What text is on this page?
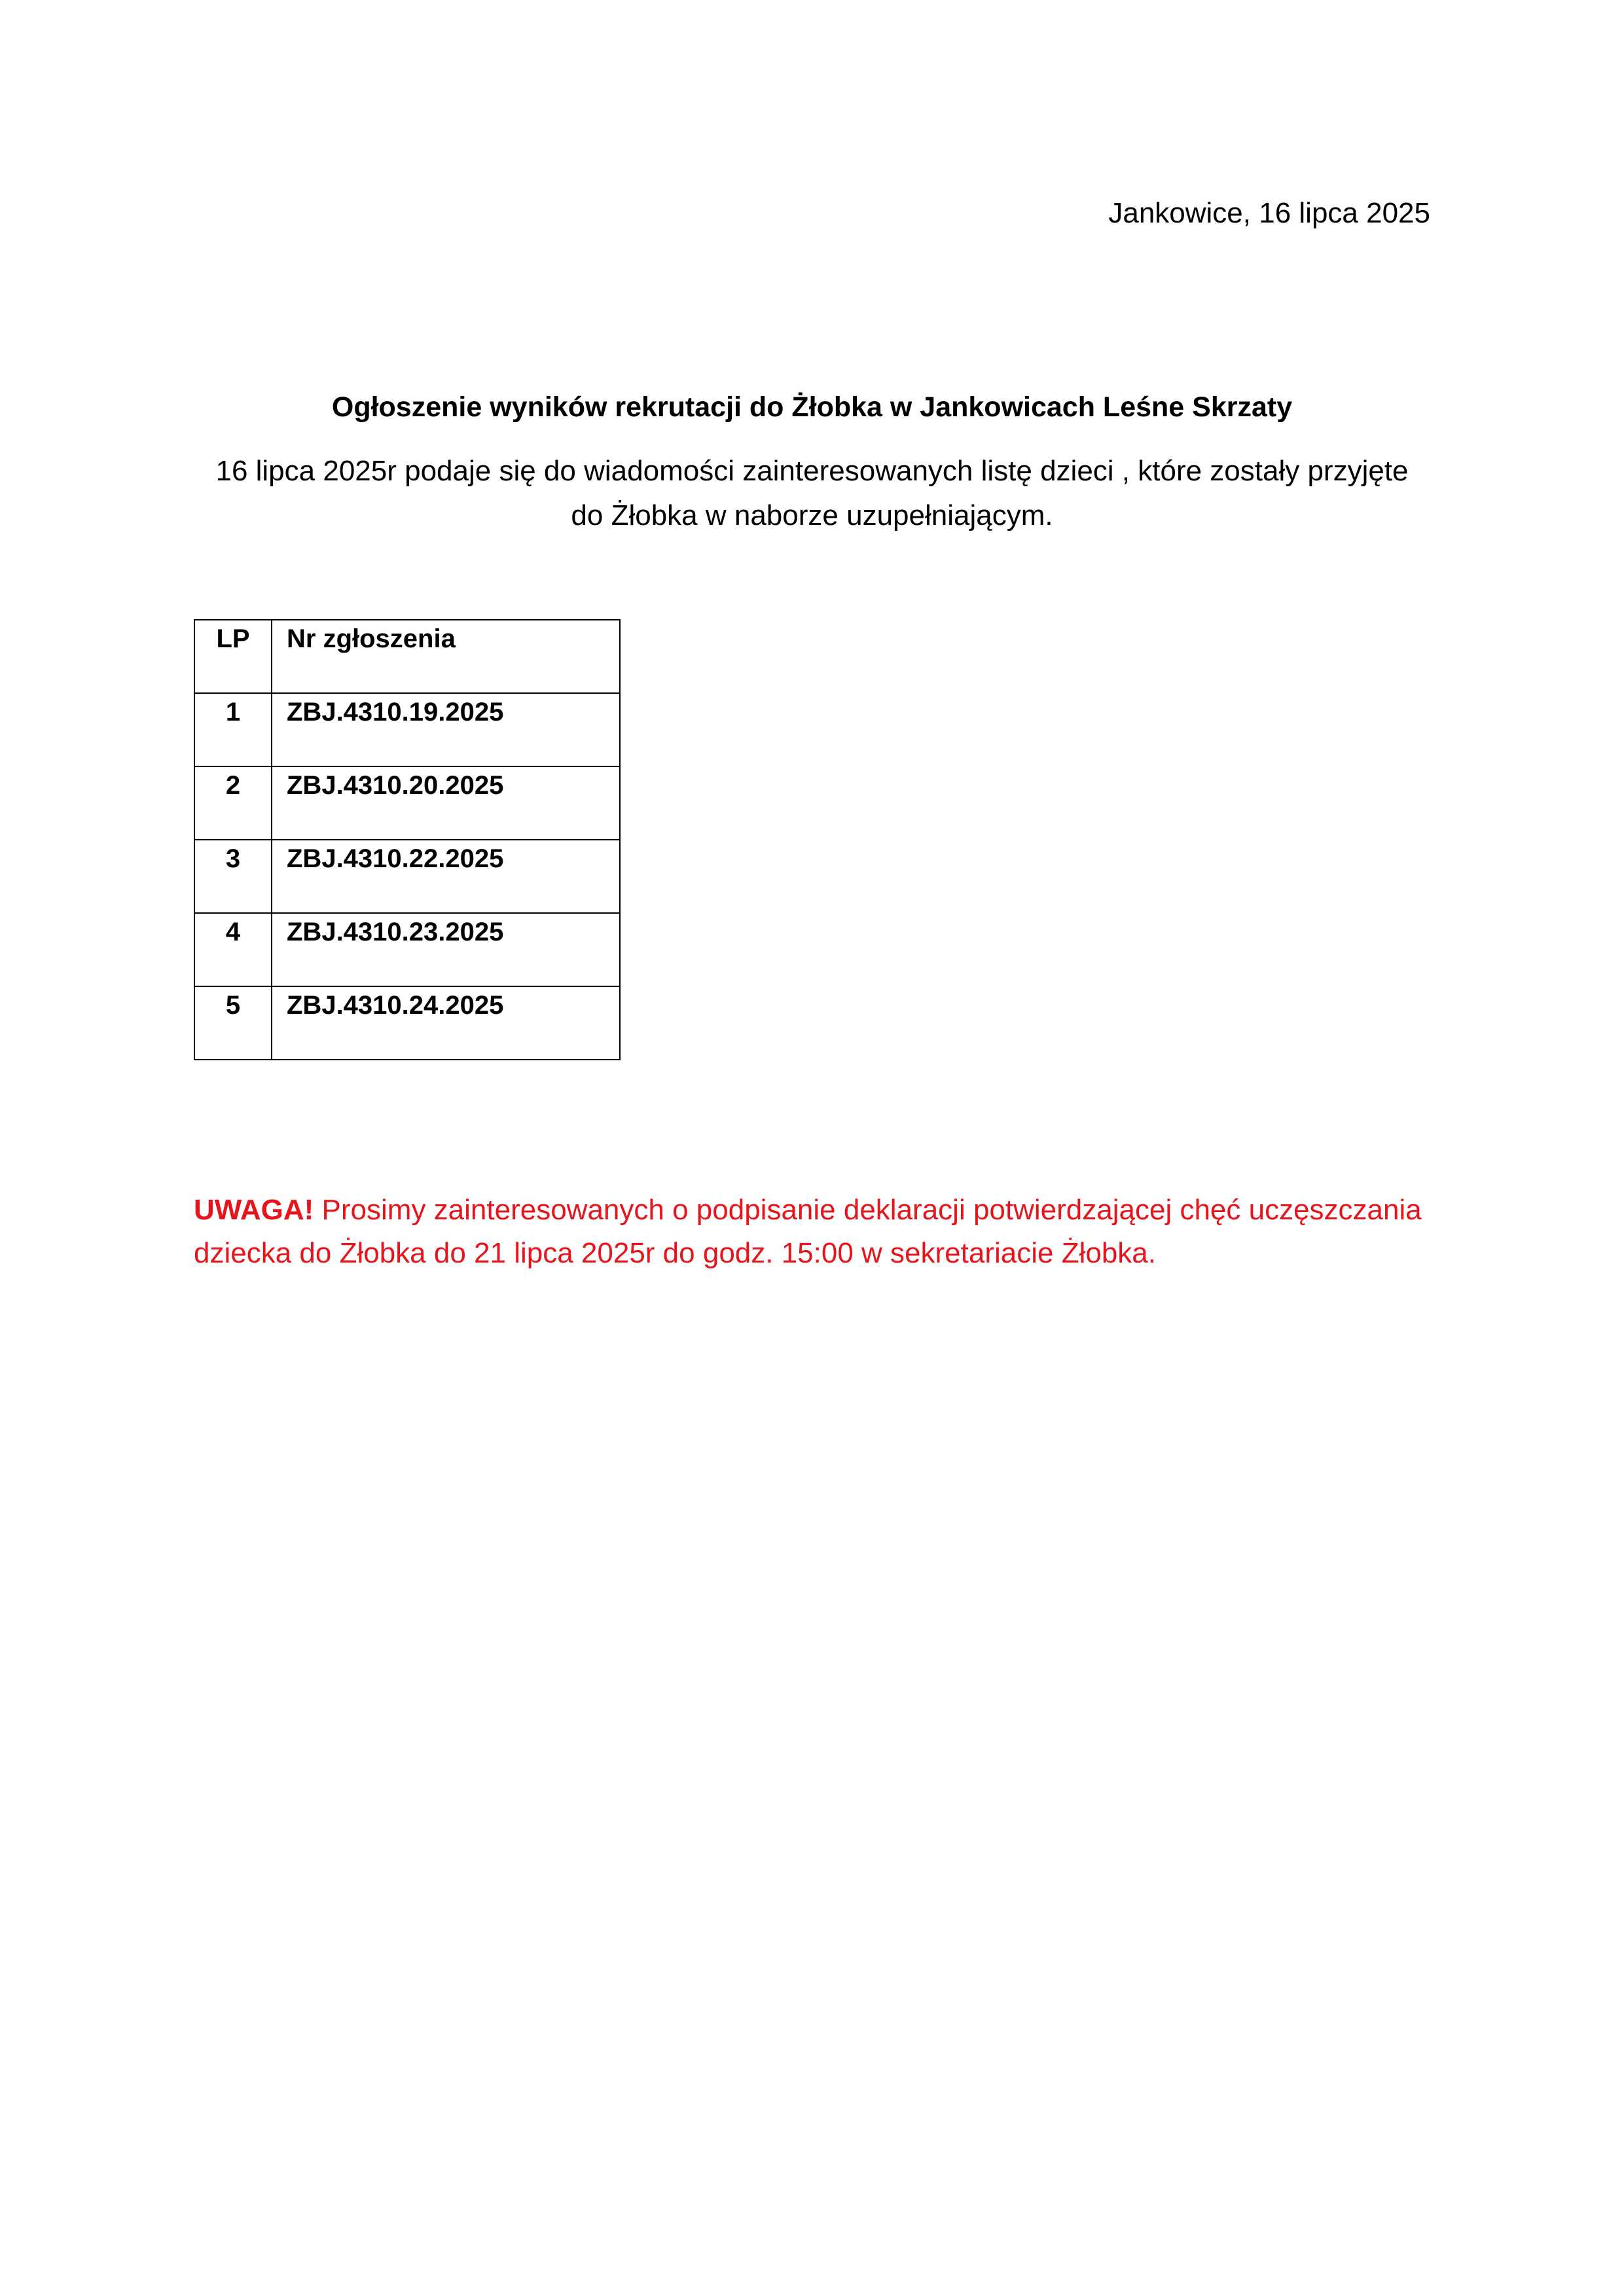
Jankowice, 16 lipca 2025
Ogłoszenie wyników rekrutacji do Żłobka w Jankowicach Leśne Skrzaty
16 lipca 2025r podaje się do wiadomości zainteresowanych listę dzieci , które zostały przyjęte
do Żłobka w naborze uzupełniającym.
LP	Nr zgłoszenia

1	ZBJ.4310.19.2025

2	ZBJ.4310.20.2025

3	ZBJ.4310.22.2025

4	ZBJ.4310.23.2025

5	ZBJ.4310.24.2025
UWAGA! Prosimy zainteresowanych o podpisanie deklaracji potwierdzającej chęć uczęszczania
dziecka do Żłobka do 21 lipca 2025r do godz. 15:00 w sekretariacie Żłobka.
